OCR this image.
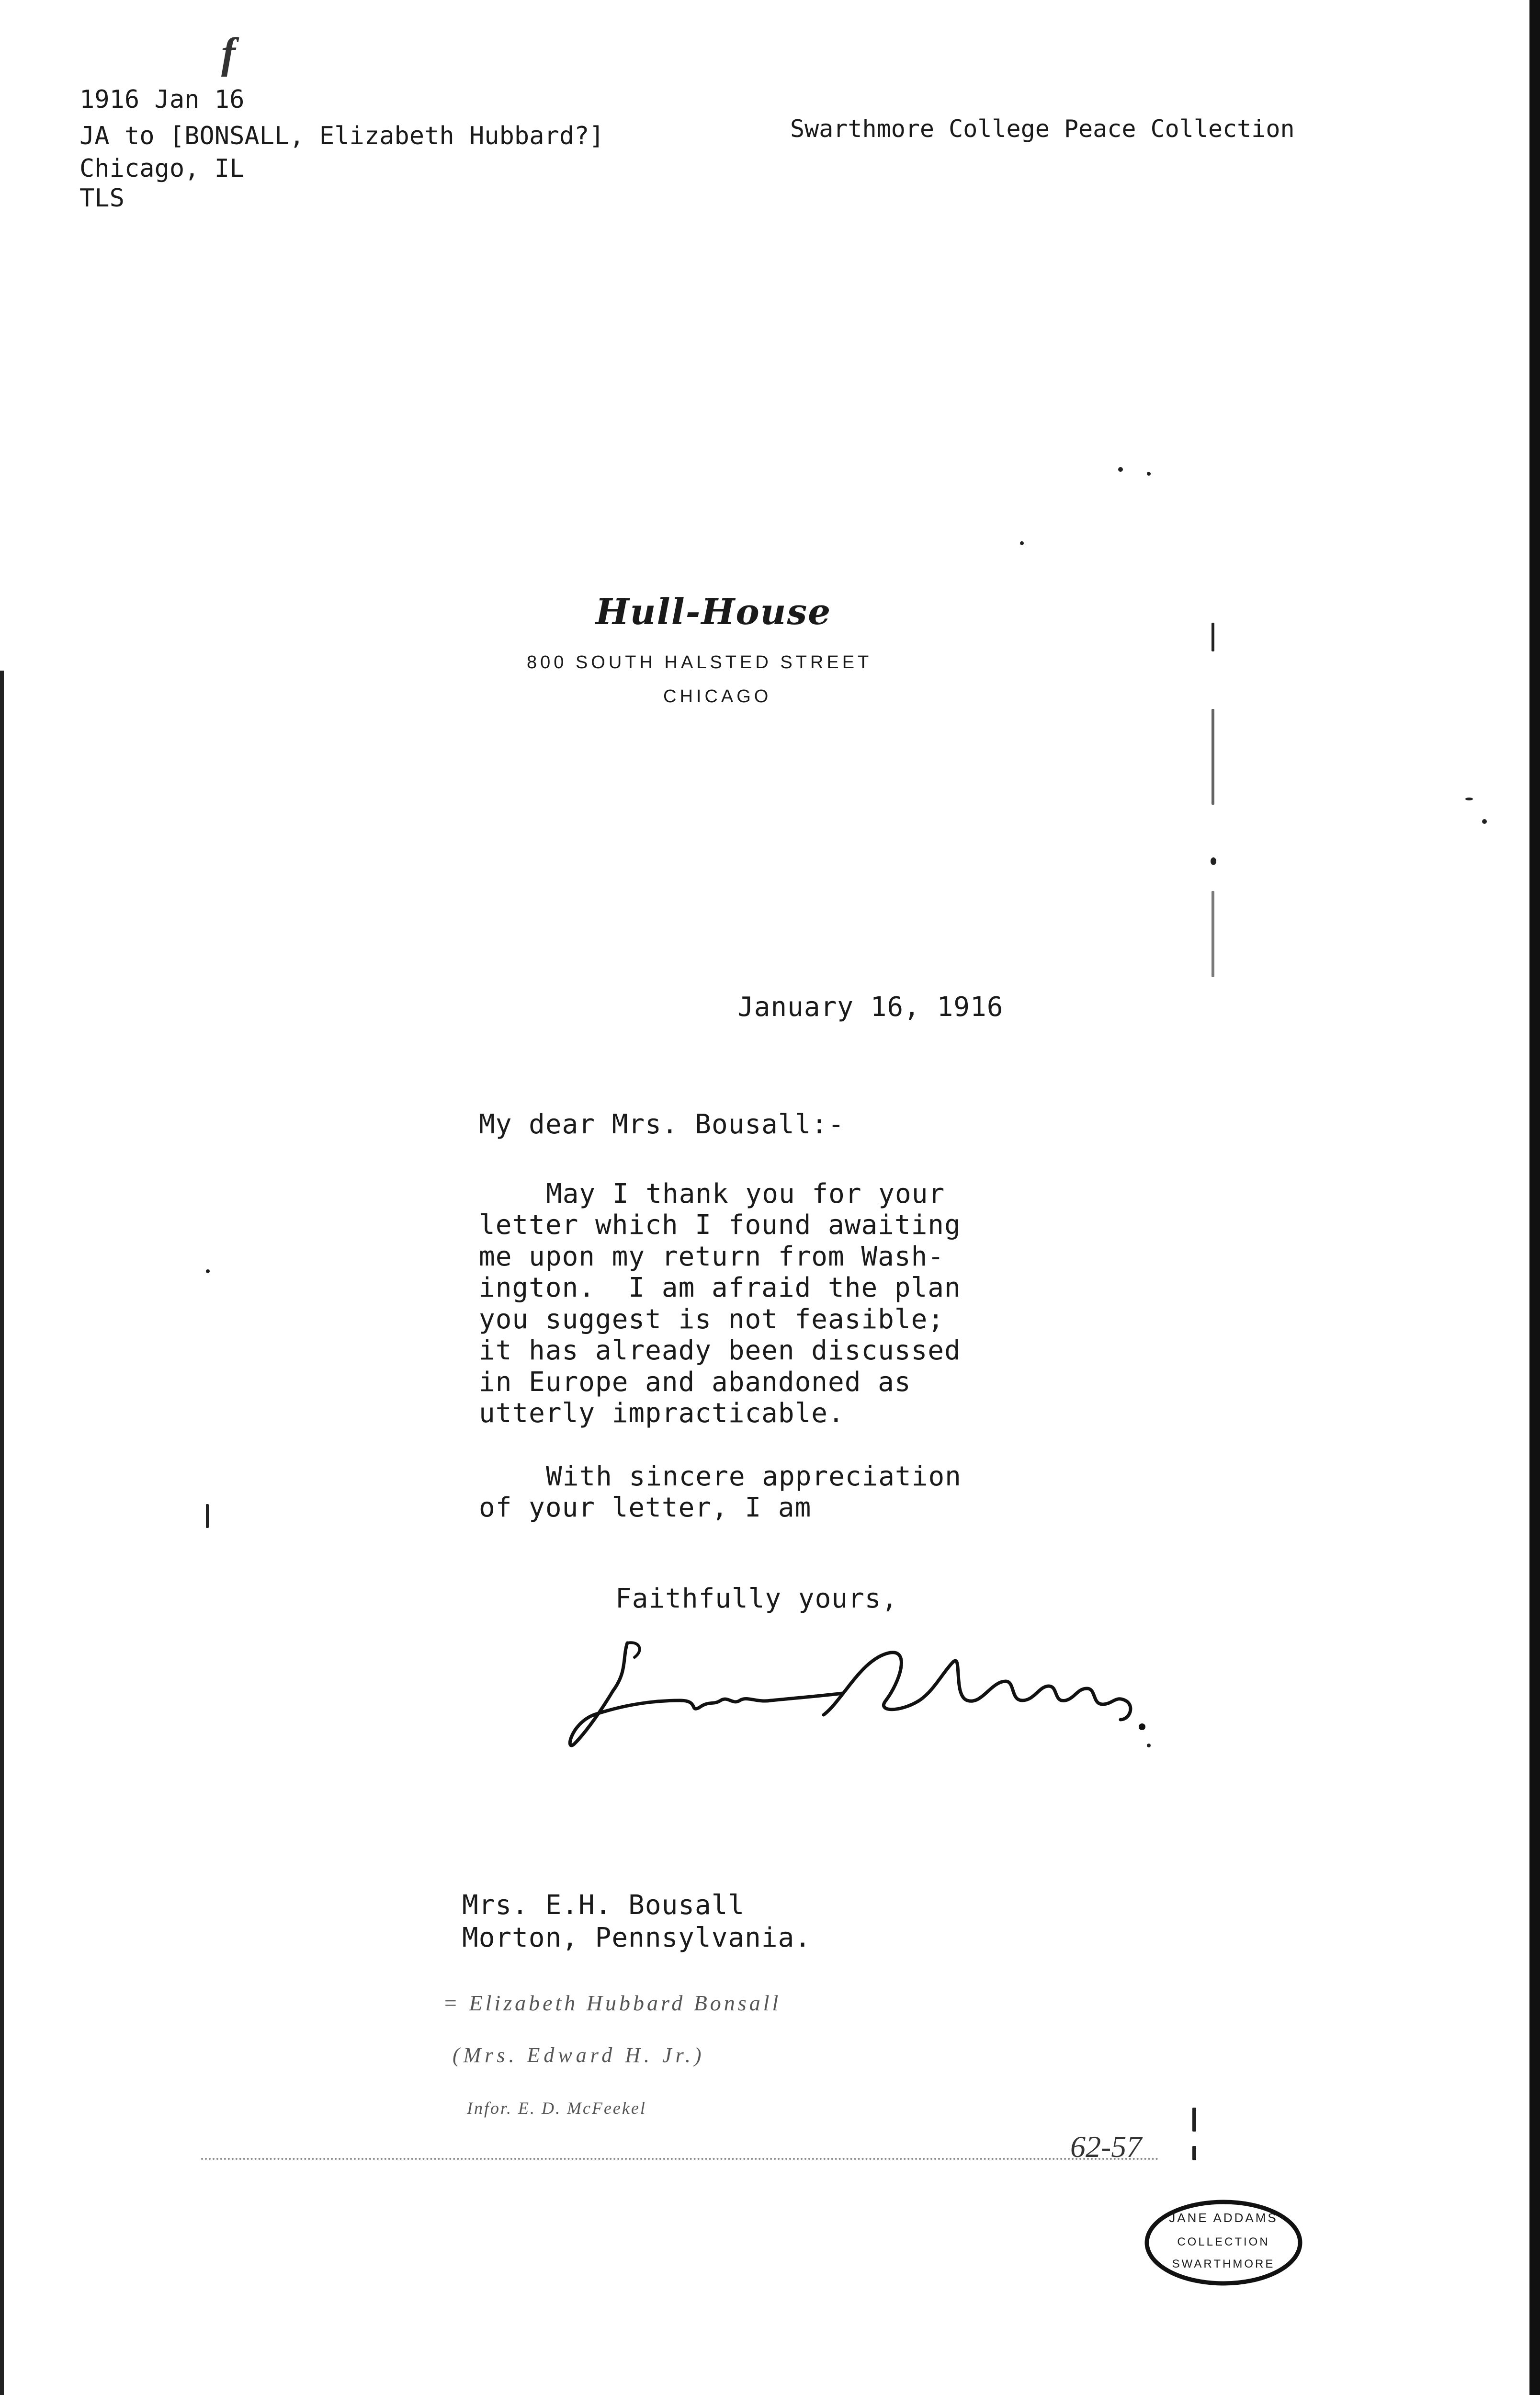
f
1916 Jan 16
JA to [BONSALL, Elizabeth Hubbard?]
Chicago, IL
TLS
Swarthmore College Peace Collection
Hull-House
800 SOUTH HALSTED STREET
CHICAGO
January 16, 1916
My dear Mrs. Bousall:-
May I thank you for your
letter which I found awaiting
me upon my return from Wash-
ington.  I am afraid the plan
you suggest is not feasible;
it has already been discussed
in Europe and abandoned as
utterly impracticable.
With sincere appreciation
of your letter, I am
Faithfully yours,
Mrs. E.H. Bousall
Morton, Pennsylvania.
= Elizabeth Hubbard Bonsall
(Mrs. Edward H. Jr.)
Infor. E. D. McFeekel
62-57

JANE ADDAMS

COLLECTION

SWARTHMORE
